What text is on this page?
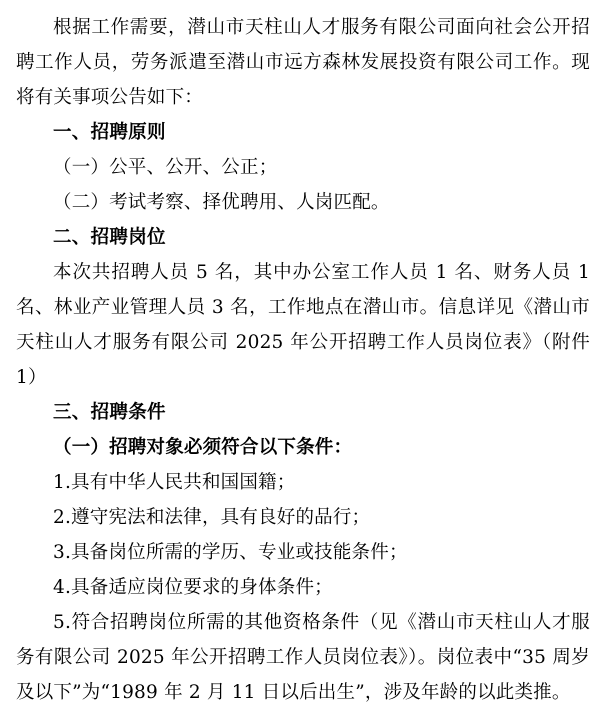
根据工作需要，潜山市天柱山人才服务有限公司面向社会公开招聘工作人员，劳务派遣至潜山市远方森林发展投资有限公司工作。现将有关事项公告如下：

一、招聘原则

（一）公平、公开、公正；

（二）考试考察、择优聘用、人岗匹配。

二、招聘岗位

本次共招聘人员 5 名，其中办公室工作人员 1 名、财务人员 1 名、林业产业管理人员 3 名，工作地点在潜山市。信息详见《潜山市天柱山人才服务有限公司 2025 年公开招聘工作人员岗位表》（附件 1）

三、招聘条件

（一）招聘对象必须符合以下条件：

1.具有中华人民共和国国籍；

2.遵守宪法和法律，具有良好的品行；

3.具备岗位所需的学历、专业或技能条件；

4.具备适应岗位要求的身体条件；

5.符合招聘岗位所需的其他资格条件（见《潜山市天柱山人才服务有限公司 2025 年公开招聘工作人员岗位表》）。岗位表中“35 周岁及以下”为“1989 年 2 月 11 日以后出生”，涉及年龄的以此类推。
